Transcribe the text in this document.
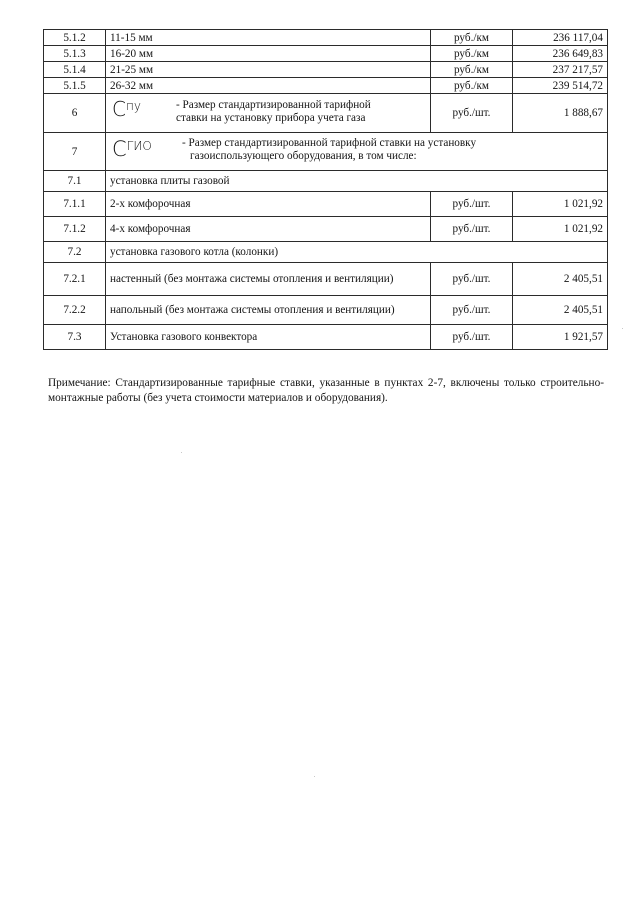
5.1.2	11-15 мм	руб./км	236 117,04
5.1.3	16-20 мм	руб./км	236 649,83
5.1.4	21-25 мм	руб./км	237 217,57
5.1.5	26-32 мм	руб./км	239 514,72
6	$С^{пу}$ - Размер стандартизированной тарифной
ставки на установку прибора учета газа	руб./шт.	1 888,67
7	$С^{ГИО}$ - Размер стандартизированной тарифной ставки на установку
газоиспользующего оборудования, в том числе:		

7.1	установка плиты газовой		
7.1.1	2-х комфорочная	руб./шт.	1 021,92
7.1.2	4-х комфорочная	руб./шт.	1 021,92
7.2	установка газового котла (колонки)		
7.2.1	настенный (без монтажа системы отопления и вентиляции)	руб./шт.	2 405,51
7.2.2	напольный (без монтажа системы отопления и вентиляции)	руб./шт.	2 405,51
7.3	Установка газового конвектора	руб./шт.	1 921,57
Примечание: Стандартизированные тарифные ставки, указанные в пунктах 2-7, включены только строительно-монтажные работы (без учета стоимости материалов и оборудования).
